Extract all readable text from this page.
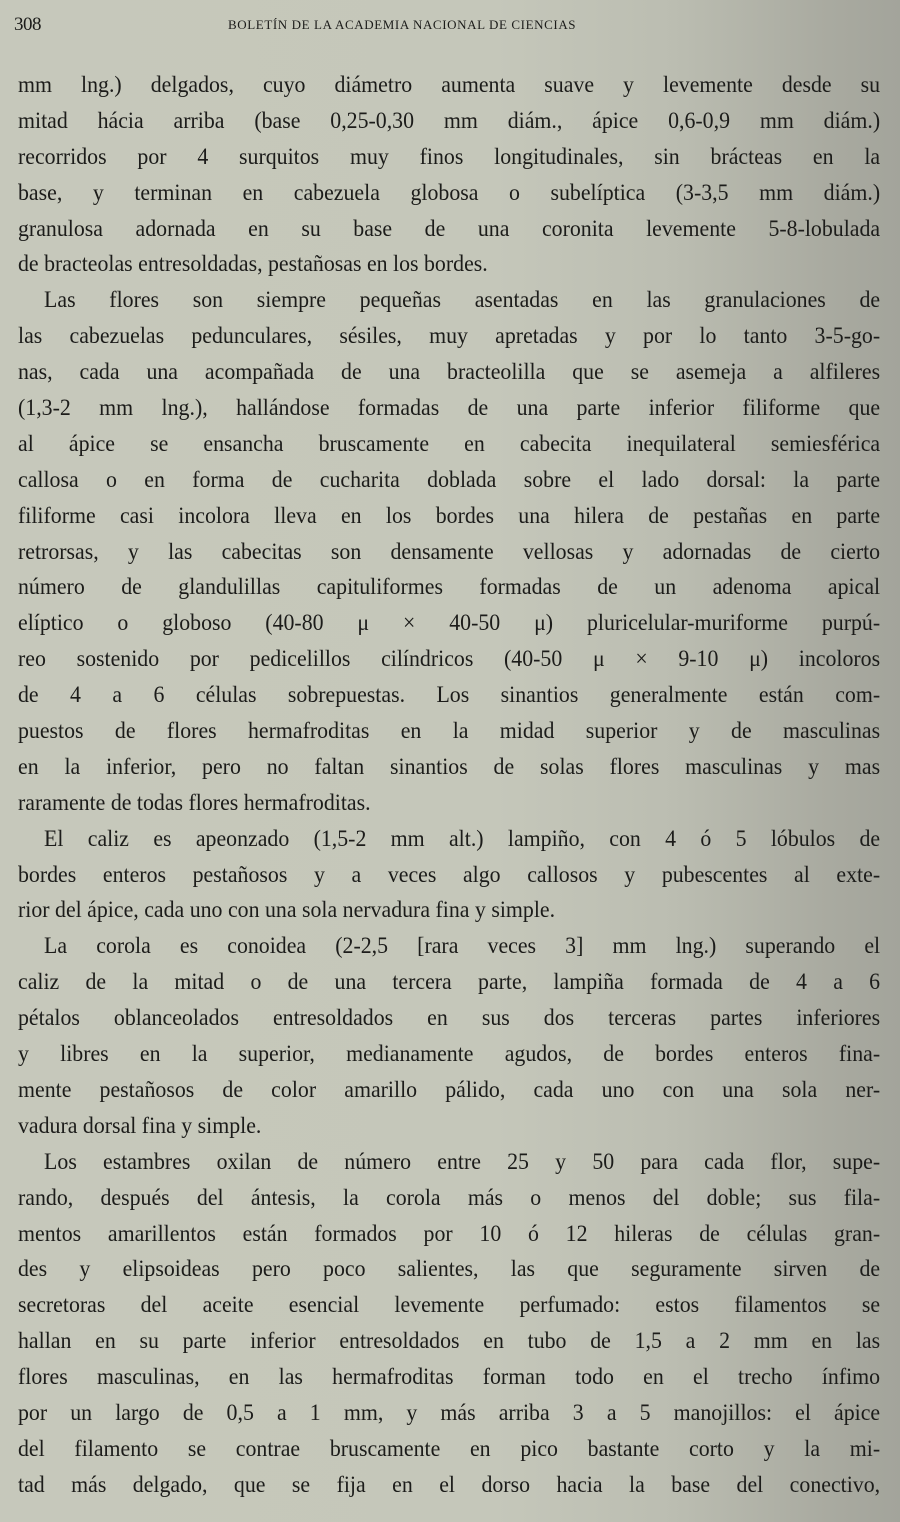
308	BOLETÍN DE LA ACADEMIA NACIONAL DE CIENCIAS
mm lng.) delgados, cuyo diámetro aumenta suave y levemente desde su
mitad hácia arriba (base 0,25-0,30 mm diám., ápice 0,6-0,9 mm diám.)
recorridos por 4 surquitos muy finos longitudinales, sin brácteas en la
base, y terminan en cabezuela globosa o subelíptica (3-3,5 mm diám.)
granulosa adornada en su base de una coronita levemente 5-8-lobulada
de bracteolas entresoldadas, pestañosas en los bordes.
Las flores son siempre pequeñas asentadas en las granulaciones de
las cabezuelas pedunculares, sésiles, muy apretadas y por lo tanto 3-5-go-
nas, cada una acompañada de una bracteolilla que se asemeja a alfileres
(1,3-2 mm lng.), hallándose formadas de una parte inferior filiforme que
al ápice se ensancha bruscamente en cabecita inequilateral semiesférica
callosa o en forma de cucharita doblada sobre el lado dorsal: la parte
filiforme casi incolora lleva en los bordes una hilera de pestañas en parte
retrorsas, y las cabecitas son densamente vellosas y adornadas de cierto
número de glandulillas capituliformes formadas de un adenoma apical
elíptico o globoso (40-80 μ × 40-50 μ) pluricelular-muriforme purpú-
reo sostenido por pedicelillos cilíndricos (40-50 μ × 9-10 μ) incoloros
de 4 a 6 células sobrepuestas. Los sinantios generalmente están com-
puestos de flores hermafroditas en la midad superior y de masculinas
en la inferior, pero no faltan sinantios de solas flores masculinas y mas
raramente de todas flores hermafroditas.
El caliz es apeonzado (1,5-2 mm alt.) lampiño, con 4 ó 5 lóbulos de
bordes enteros pestañosos y a veces algo callosos y pubescentes al exte-
rior del ápice, cada uno con una sola nervadura fina y simple.
La corola es conoidea (2-2,5 [rara veces 3] mm lng.) superando el
caliz de la mitad o de una tercera parte, lampiña formada de 4 a 6
pétalos oblanceolados entresoldados en sus dos terceras partes inferiores
y libres en la superior, medianamente agudos, de bordes enteros fina-
mente pestañosos de color amarillo pálido, cada uno con una sola ner-
vadura dorsal fina y simple.
Los estambres oxilan de número entre 25 y 50 para cada flor, supe-
rando, después del ántesis, la corola más o menos del doble; sus fila-
mentos amarillentos están formados por 10 ó 12 hileras de células gran-
des y elipsoideas pero poco salientes, las que seguramente sirven de
secretoras del aceite esencial levemente perfumado: estos filamentos se
hallan en su parte inferior entresoldados en tubo de 1,5 a 2 mm en las
flores masculinas, en las hermafroditas forman todo en el trecho ínfimo
por un largo de 0,5 a 1 mm, y más arriba 3 a 5 manojillos: el ápice
del filamento se contrae bruscamente en pico bastante corto y la mi-
tad más delgado, que se fija en el dorso hacia la base del conectivo,
